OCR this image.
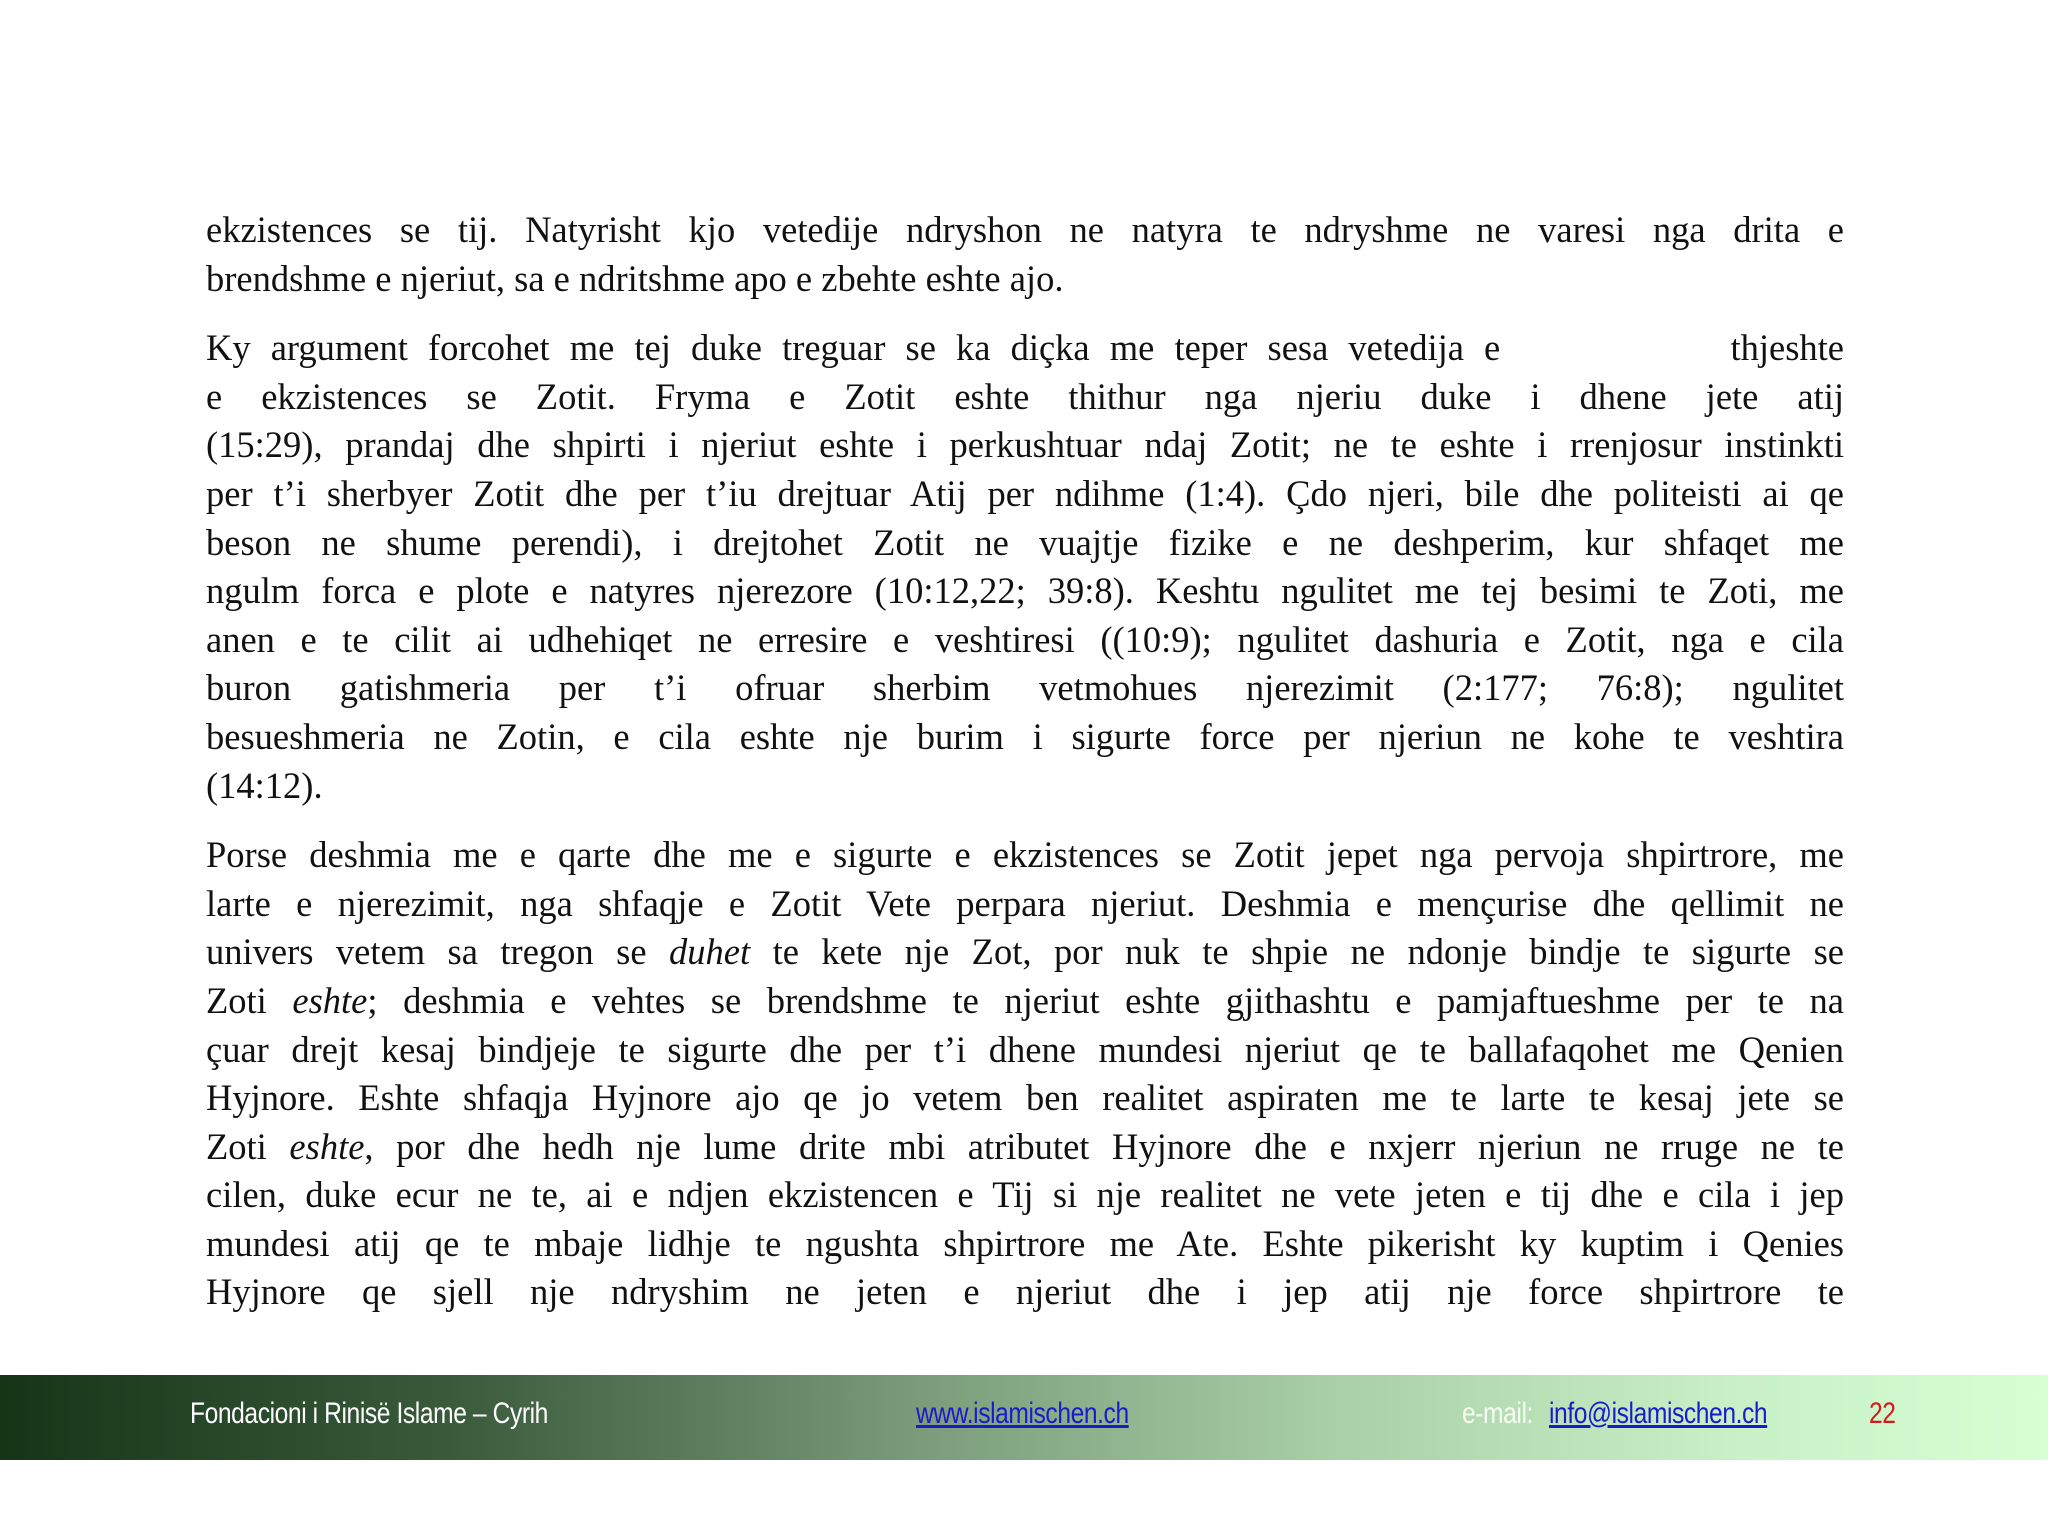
ekzistences se tij. Natyrisht kjo vetedije ndryshon ne natyra te ndryshme ne varesi nga drita e
brendshme e njeriut, sa e ndritshme apo e zbehte eshte ajo.

Ky argument forcohet me tej duke treguar se ka diçka me teper sesa vetedija e	thjeshte
e ekzistences se Zotit. Fryma e Zotit eshte thithur nga njeriu duke i dhene jete atij
(15:29), prandaj dhe shpirti i njeriut eshte i perkushtuar ndaj Zotit; ne te eshte i rrenjosur instinkti
per t’i sherbyer Zotit dhe per t’iu drejtuar Atij per ndihme (1:4). Çdo njeri, bile dhe politeisti ai qe
beson ne shume perendi), i drejtohet Zotit ne vuajtje fizike e ne deshperim, kur shfaqet me
ngulm forca e plote e natyres njerezore (10:12,22; 39:8). Keshtu ngulitet me tej besimi te Zoti, me
anen e te cilit ai udhehiqet ne erresire e veshtiresi ((10:9); ngulitet dashuria e Zotit, nga e cila
buron gatishmeria per t’i ofruar sherbim vetmohues njerezimit (2:177; 76:8); ngulitet
besueshmeria ne Zotin, e cila eshte nje burim i sigurte force per njeriun ne kohe te veshtira
(14:12).

Porse deshmia me e qarte dhe me e sigurte e ekzistences se Zotit jepet nga pervoja shpirtrore, me
larte e njerezimit, nga shfaqje e Zotit Vete perpara njeriut. Deshmia e mençurise dhe qellimit ne
univers vetem sa tregon se duhet te kete nje Zot, por nuk te shpie ne ndonje bindje te sigurte se
Zoti eshte; deshmia e vehtes se brendshme te njeriut eshte gjithashtu e pamjaftueshme per te na
çuar drejt kesaj bindjeje te sigurte dhe per t’i dhene mundesi njeriut qe te ballafaqohet me Qenien
Hyjnore. Eshte shfaqja Hyjnore ajo qe jo vetem ben realitet aspiraten me te larte te kesaj jete se
Zoti eshte, por dhe hedh nje lume drite mbi atributet Hyjnore dhe e nxjerr njeriun ne rruge ne te
cilen, duke ecur ne te, ai e ndjen ekzistencen e Tij si nje realitet ne vete jeten e tij dhe e cila i jep
mundesi atij qe te mbaje lidhje te ngushta shpirtrore me Ate. Eshte pikerisht ky kuptim i Qenies
Hyjnore qe sjell nje ndryshim ne jeten e njeriut dhe i jep atij nje force shpirtrore te

Fondacioni i Rinisë Islame – Cyrih	www.islamischen.ch	e-mail: info@islamischen.ch	22
